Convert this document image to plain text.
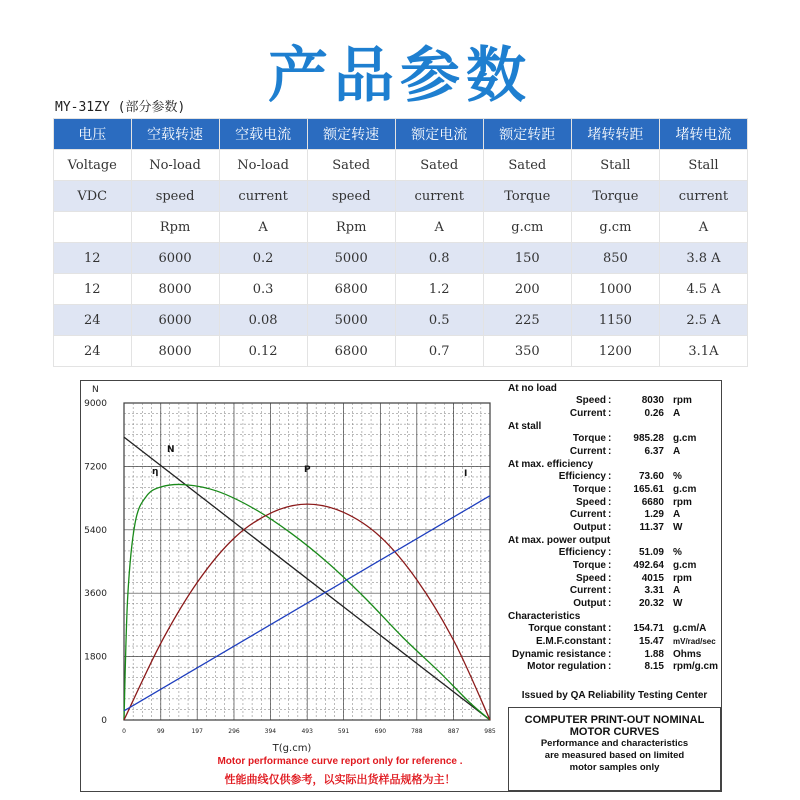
产品参数
MY-31ZY (部分参数)
电压	空载转速	空载电流	额定转速	额定电流	额定转距	堵转转距	堵转电流
Voltage	No-load	No-load	Sated	Sated	Sated	Stall	Stall
VDC	speed	current	speed	current	Torque	Torque	current
	Rpm	A	Rpm	A	g.cm	g.cm	A
12	6000	0.2	5000	0.8	150	850	3.8 A
12	8000	0.3	6800	1.2	200	1000	4.5 A
24	6000	0.08	5000	0.5	225	1150	2.5 A
24	8000	0.12	6800	0.7	350	1200	3.1A
0	99	197	296	394	493	591	690	788	887	985
0
1800
3600
5400
7200
9000
N
T(g.cm)
N
η	P	I
At no load
Speed :	8030 rpm
Current :	0.26 A
At stall
Torque :	985.28 g.cm
Current :	6.37 A
At max. efficiency
Efficiency :	73.60 %
Torque :	165.61 g.cm
Speed :	6680 rpm
Current :	1.29 A
Output :	11.37 W
At max. power output
Efficiency :	51.09 %
Torque :	492.64 g.cm
Speed :	4015 rpm
Current :	3.31 A
Output :	20.32 W
Characteristics
Torque constant :	154.71 g.cm/A
E.M.F.constant :	15.47 mV/rad/sec
Dynamic resistance :	1.88 Ohms
Motor regulation :	8.15 rpm/g.cm
Issued by QA Reliability Testing Center
COMPUTER PRINT-OUT NOMINAL MOTOR CURVES
Performance and characteristics
are measured based on limited
motor samples only
Motor performance curve report only for reference .
性能曲线仅供参考，以实际出货样品规格为主！
